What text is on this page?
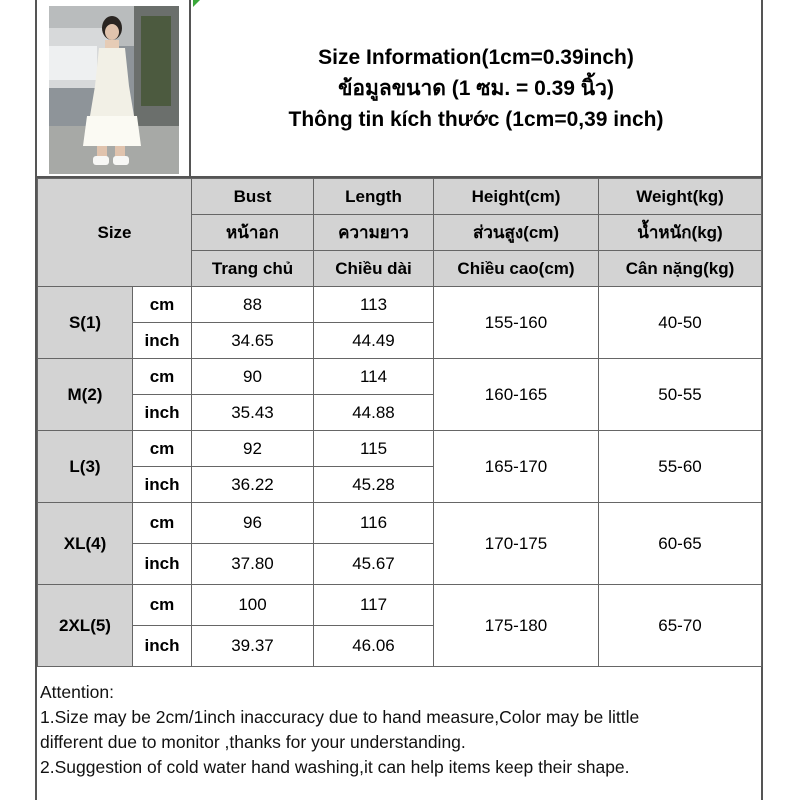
Size Information(1cm=0.39inch)
ข้อมูลขนาด (1 ซม. = 0.39 นิ้ว)
Thông tin kích thước (1cm=0,39 inch)
Size		Bust	Length	Height(cm)	Weight(kg)
		หน้าอก	ความยาว	ส่วนสูง(cm)	น้ำหนัก(kg)
		Trang chủ	Chiều dài	Chiều cao(cm)	Cân nặng(kg)
S(1)	cm	88	113	155-160	40-50
	inch	34.65	44.49		
M(2)	cm	90	114	160-165	50-55
	inch	35.43	44.88		
L(3)	cm	92	115	165-170	55-60
	inch	36.22	45.28		
XL(4)	cm	96	116	170-175	60-65
	inch	37.80	45.67		
2XL(5)	cm	100	117	175-180	65-70
	inch	39.37	46.06		
Attention:
1.Size may be 2cm/1inch inaccuracy due to hand measure,Color may be little
different due to monitor ,thanks for your understanding.
2.Suggestion of cold water hand washing,it can help items keep their shape.
